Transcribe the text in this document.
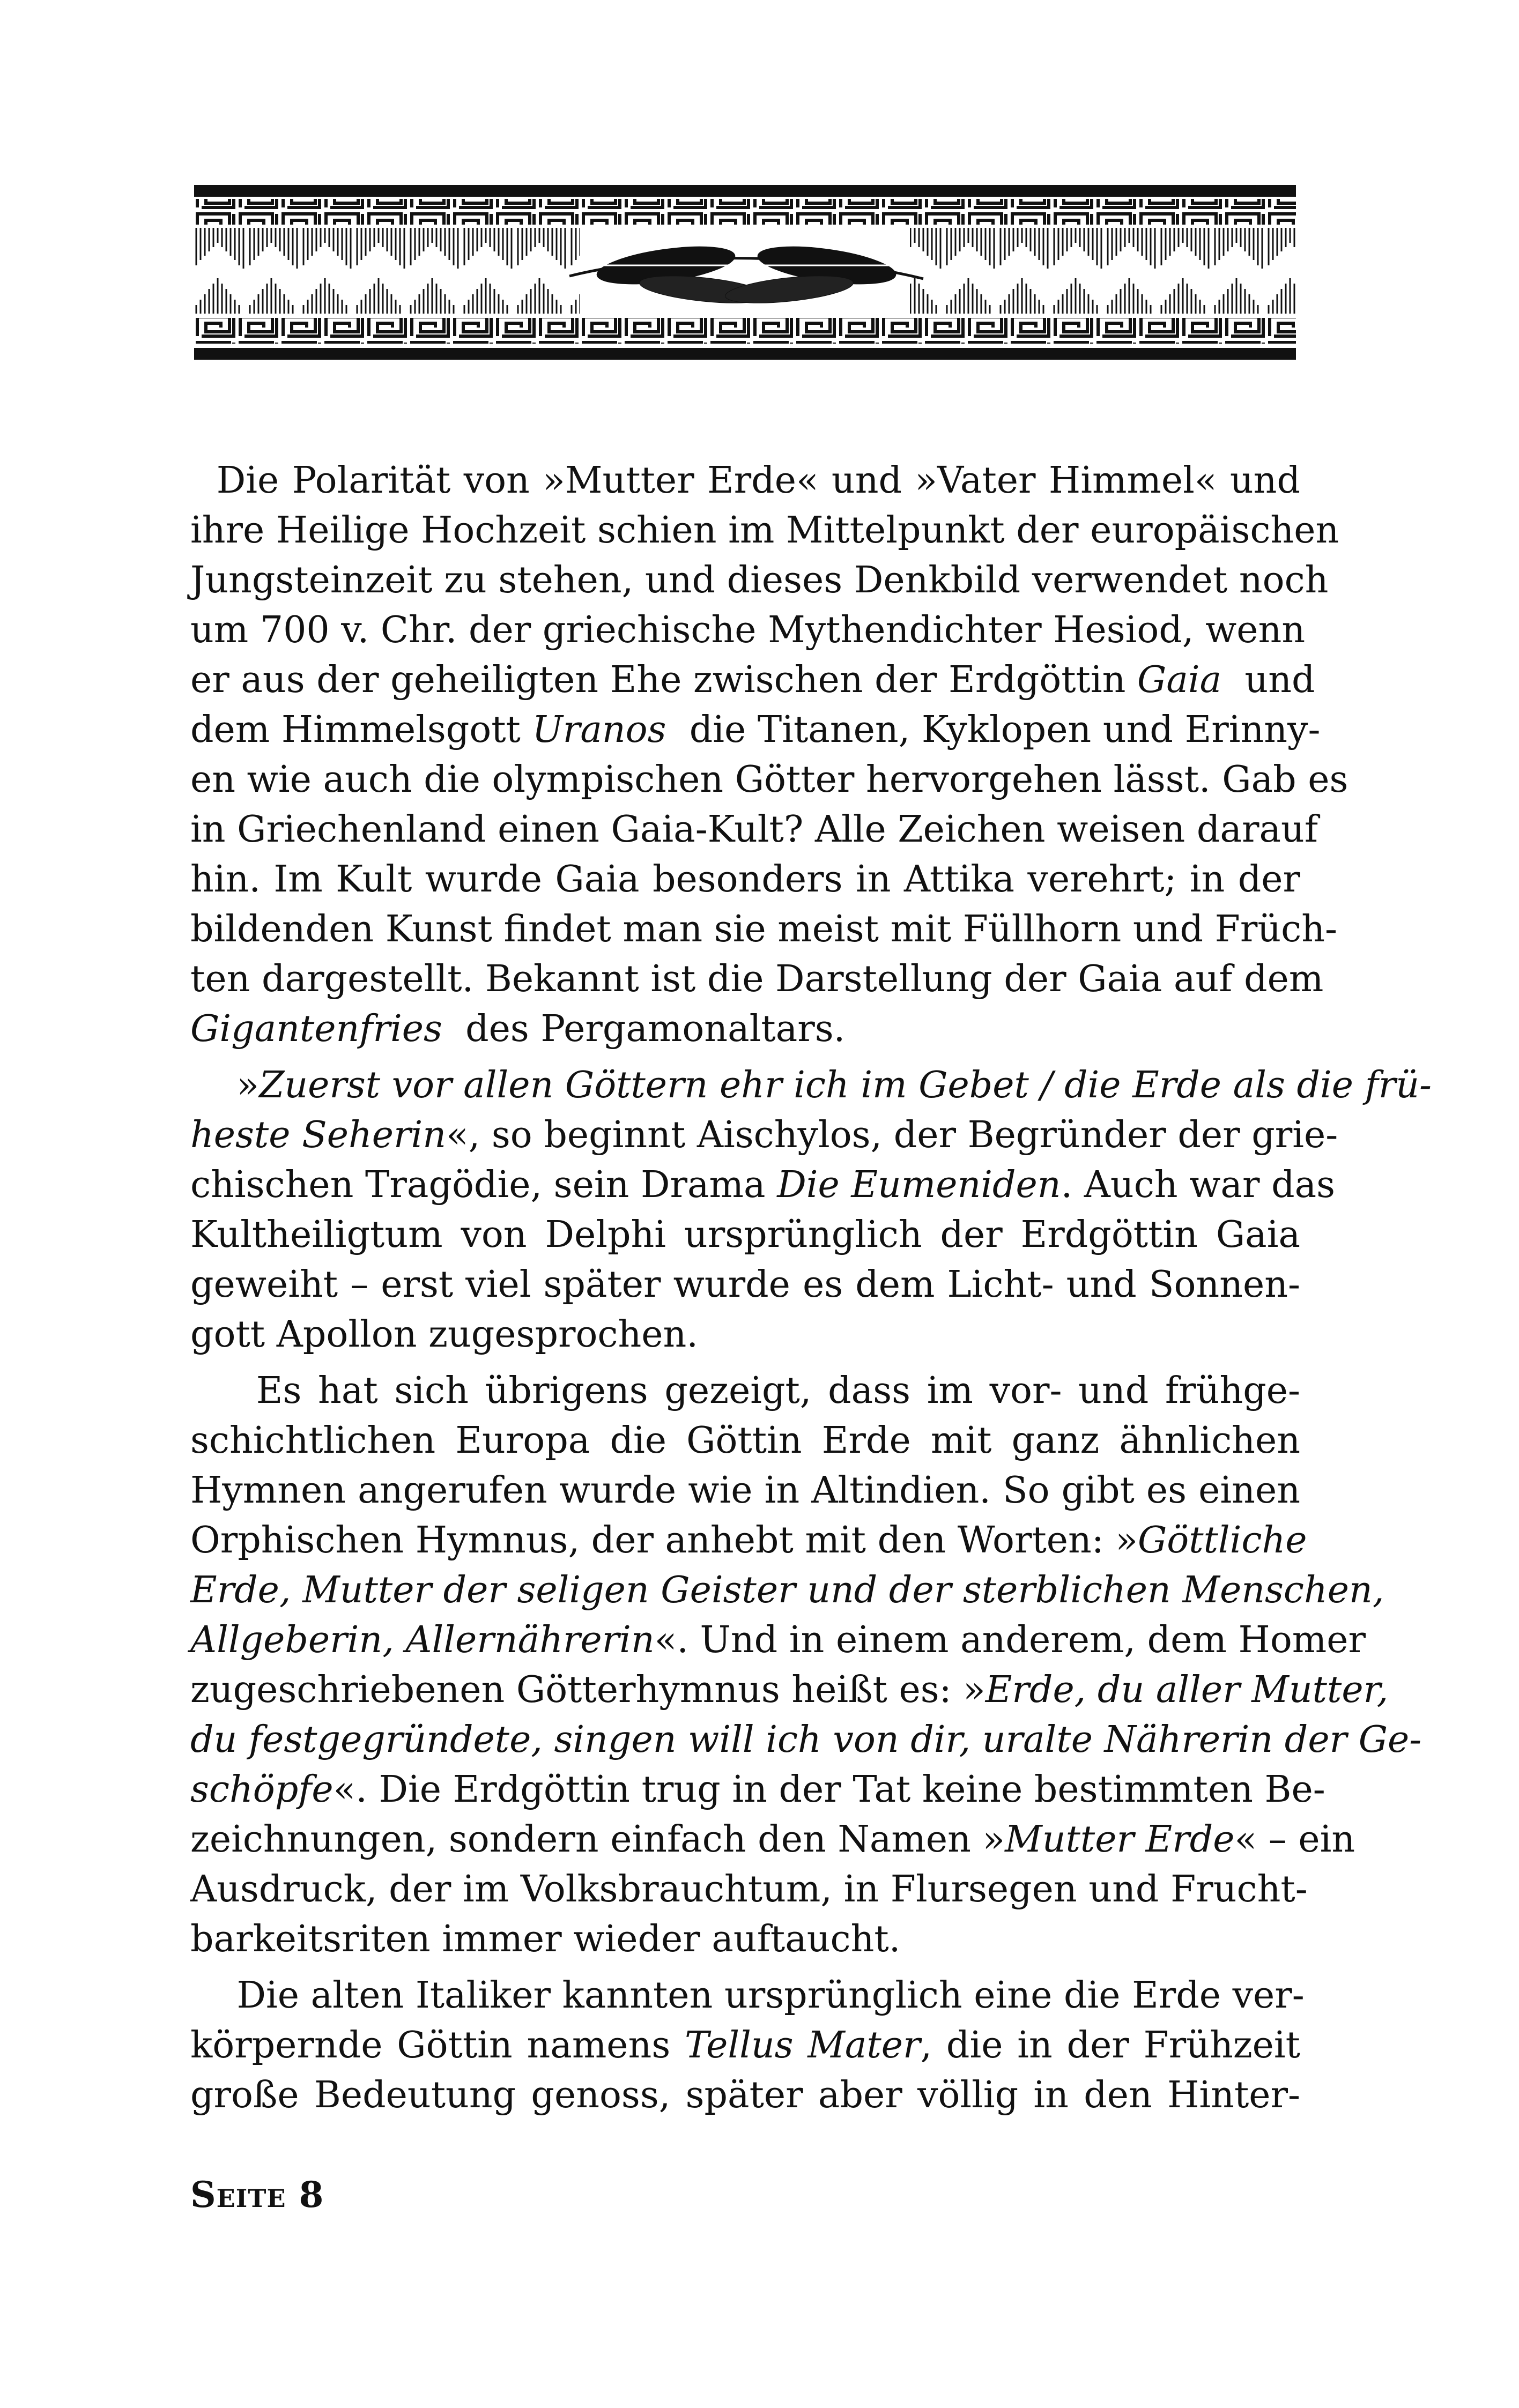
Die Polarität von »Mutter Erde« und »Vater Himmel« und
ihre Heilige Hochzeit schien im Mittelpunkt der europäischen
Jungsteinzeit zu stehen, und dieses Denkbild verwendet noch
um 700 v. Chr. der griechische Mythendichter Hesiod, wenn
er aus der geheiligten Ehe zwischen der Erdgöttin Gaia  und
dem Himmelsgott Uranos  die Titanen, Kyklopen und Erinny-
en wie auch die olympischen Götter hervorgehen lässt. Gab es
in Griechenland einen Gaia-Kult? Alle Zeichen weisen darauf
hin. Im Kult wurde Gaia besonders in Attika verehrt; in der
bildenden Kunst findet man sie meist mit Füllhorn und Früch-
ten dargestellt. Bekannt ist die Darstellung der Gaia auf dem
Gigantenfries  des Pergamonaltars.
»Zuerst vor allen Göttern ehr ich im Gebet / die Erde als die frü-
heste Seherin«, so beginnt Aischylos, der Begründer der grie-
chischen Tragödie, sein Drama Die Eumeniden. Auch war das
Kultheiligtum von Delphi ursprünglich der Erdgöttin Gaia
geweiht – erst viel später wurde es dem Licht- und Sonnen-
gott Apollon zugesprochen.
Es hat sich übrigens gezeigt, dass im vor- und frühge-
schichtlichen Europa die Göttin Erde mit ganz ähnlichen
Hymnen angerufen wurde wie in Altindien. So gibt es einen
Orphischen Hymnus, der anhebt mit den Worten: »Göttliche
Erde, Mutter der seligen Geister und der sterblichen Menschen,
Allgeberin, Allernährerin«. Und in einem anderem, dem Homer
zugeschriebenen Götterhymnus heißt es: »Erde, du aller Mutter,
du festgegründete, singen will ich von dir, uralte Nährerin der Ge-
schöpfe«. Die Erdgöttin trug in der Tat keine bestimmten Be-
zeichnungen, sondern einfach den Namen »Mutter Erde« – ein
Ausdruck, der im Volksbrauchtum, in Flursegen und Frucht-
barkeitsriten immer wieder auftaucht.
Die alten Italiker kannten ursprünglich eine die Erde ver-
körpernde Göttin namens Tellus Mater, die in der Frühzeit
große Bedeutung genoss, später aber völlig in den Hinter-
Seite 8
